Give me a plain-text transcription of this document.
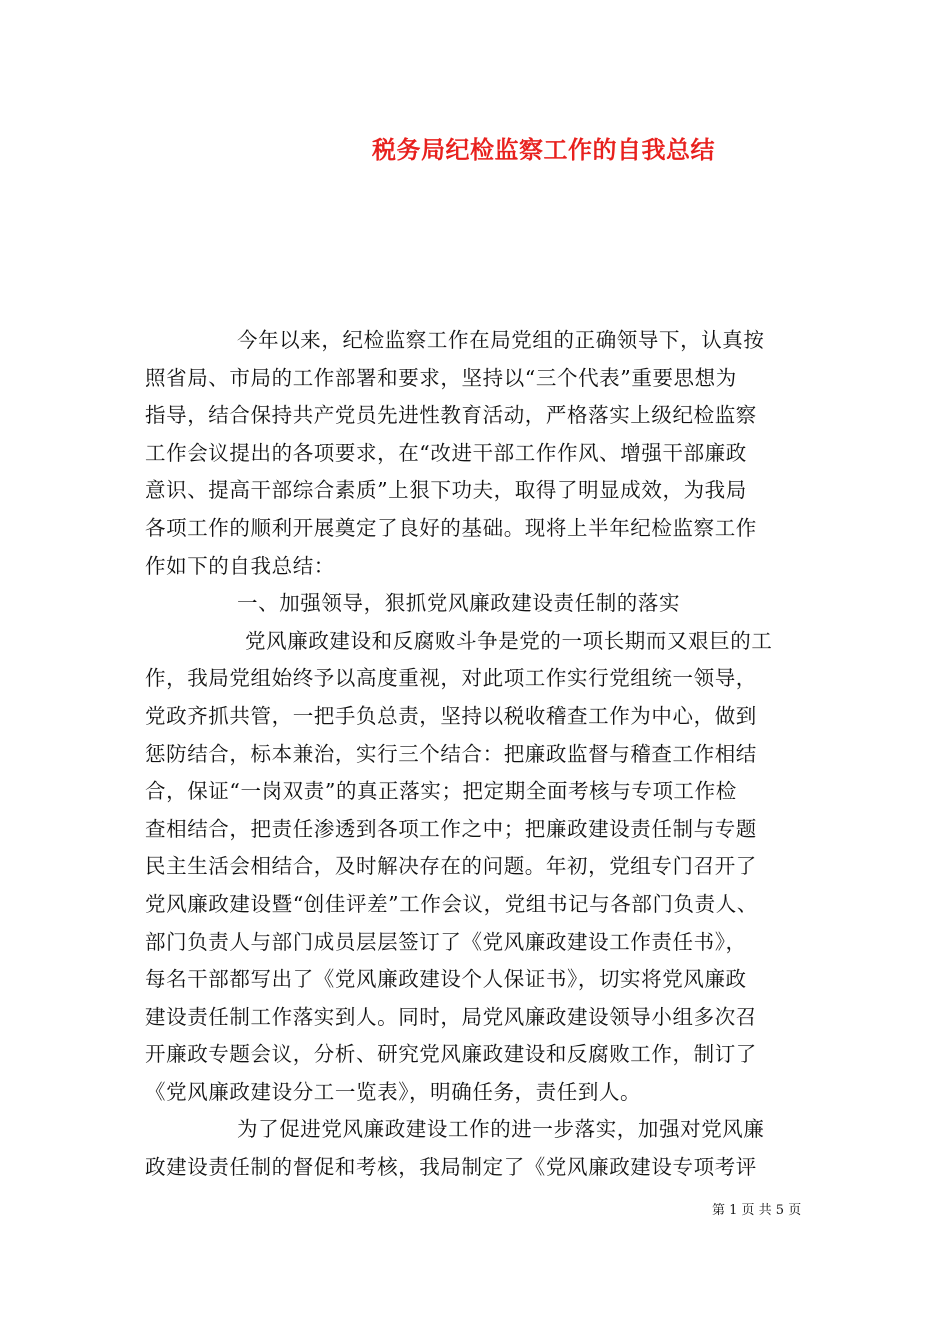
税务局纪检监察工作的自我总结
今年以来，纪检监察工作在局党组的正确领导下，认真按
照省局、市局的工作部署和要求，坚持以“三个代表”重要思想为
指导，结合保持共产党员先进性教育活动，严格落实上级纪检监察
工作会议提出的各项要求，在“改进干部工作作风、增强干部廉政
意识、提高干部综合素质”上狠下功夫，取得了明显成效，为我局
各项工作的顺利开展奠定了良好的基础。现将上半年纪检监察工作
作如下的自我总结：
一、加强领导，狠抓党风廉政建设责任制的落实
党风廉政建设和反腐败斗争是党的一项长期而又艰巨的工
作，我局党组始终予以高度重视，对此项工作实行党组统一领导，
党政齐抓共管，一把手负总责，坚持以税收稽查工作为中心，做到
惩防结合，标本兼治，实行三个结合：把廉政监督与稽查工作相结
合，保证“一岗双责”的真正落实；把定期全面考核与专项工作检
查相结合，把责任渗透到各项工作之中；把廉政建设责任制与专题
民主生活会相结合，及时解决存在的问题。年初，党组专门召开了
党风廉政建设暨“创佳评差”工作会议，党组书记与各部门负责人、
部门负责人与部门成员层层签订了《党风廉政建设工作责任书》，
每名干部都写出了《党风廉政建设个人保证书》，切实将党风廉政
建设责任制工作落实到人。同时，局党风廉政建设领导小组多次召
开廉政专题会议，分析、研究党风廉政建设和反腐败工作，制订了
《党风廉政建设分工一览表》，明确任务，责任到人。
为了促进党风廉政建设工作的进一步落实，加强对党风廉
政建设责任制的督促和考核，我局制定了《党风廉政建设专项考评
第 1 页 共 5 页
